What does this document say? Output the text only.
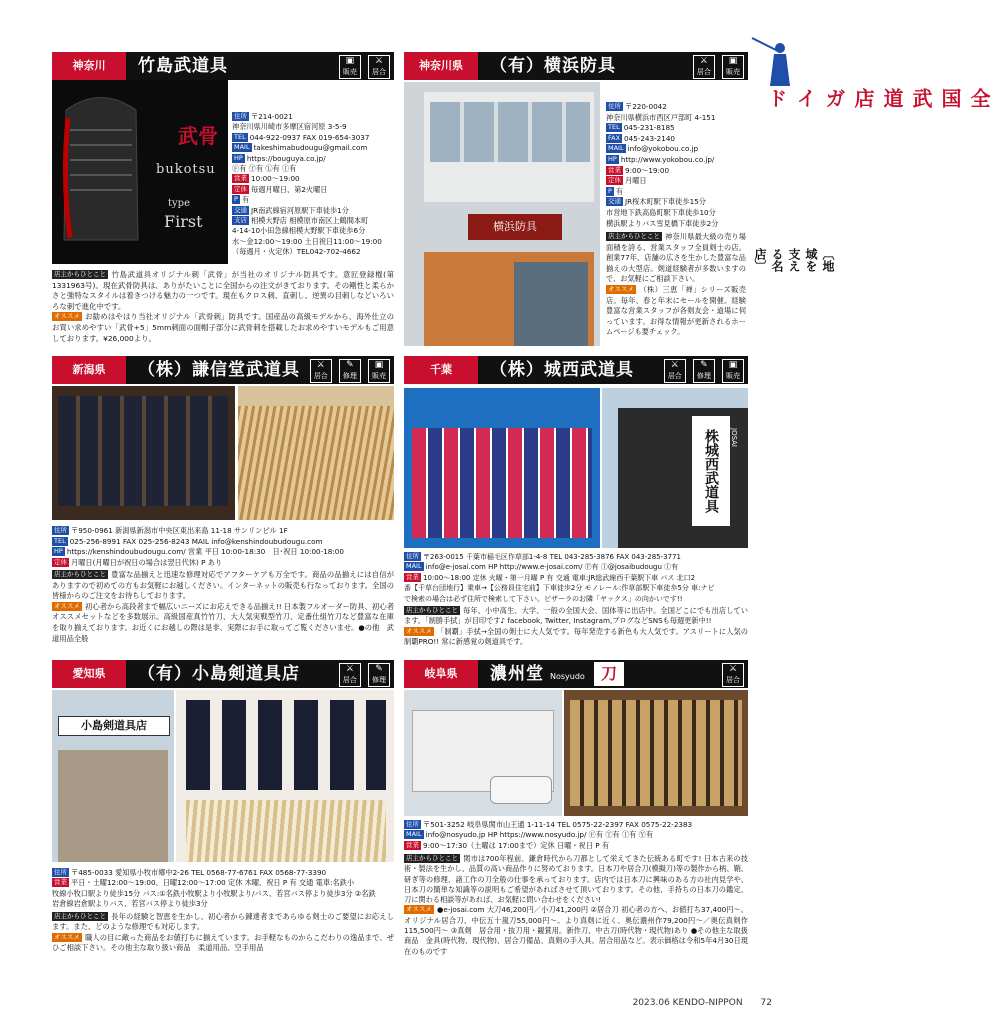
全国武道店ガイド
〔地域を支える名店〕
神奈川	竹島武道具	▣
販売
⚔
居合
武骨
bukotsu
type
First
住所 〒214-0021
神奈川県川崎市多摩区宿河原 3-5-9
TEL 044-922-0937 FAX 019-654-3037
MAIL takeshimabudougu@gmail.com
HP https://bouguya.co.jp/
Ⓕ有 Ⓣ有 Ⓛ有 Ⓘ有
営業 10:00〜19:00
定休 毎週月曜日、第2火曜日
P 有
交通 JR南武線宿河原駅下車徒歩1分
支店 相模大野店 相模原市南区上鶴間本町
4-14-10小田急線相模大野駅下車徒歩6分
水〜金12:00〜19:00 土日祝日11:00〜19:00
（毎週月・火定休）TEL042-702-4662
店主からひとこと 竹島武道具オリジナル刺「武骨」が当社のオリジナル防具です。意匠登録権(第1331963号)。現在武骨防具は、ありがたいことに全国からの注文がきております。その剛性と柔らかさと強特なスタイルは着きつける魅力の一つです。現在もクロス刺、直刺し、逆異の目刺しなどいろいろな刺で進化中です。
オススメ お勧めはやはり当社オリジナル「武骨刺」防具です。国産品の高級モデルから、海外仕立のお買い求めやすい「武骨+5」5mm刺面の面帽子部分に武骨刺を搭載したお求めやすいモデルもご用意しております。¥26,000より。
神奈川県	（有）横浜防具	⚔
居合
▣
販売
横浜防具
住所 〒220-0042
神奈川県横浜市西区戸部町 4-151
TEL 045-231-8185
FAX 045-243-2140
MAIL info@yokobou.co.jp
HP http://www.yokobou.co.jp/
営業 9:00〜19:00
定休 月曜日
P 有
交通 JR桜木町駅下車徒歩15分
市営地下鉄高島町駅下車徒歩10分
横浜駅よりバス雪見橋下車徒歩2分
店主からひとこと 神奈川県最大級の売り場面積を誇る、営業スタッフ全員剣士の店。創業77年、店舗の広さを生かした豊富な品揃えの大型店。剣道経験者が多数いますので、お気軽にご相談下さい。
オススメ （株）三恵「禅」シリーズ販売店。毎年、春と年末にセールを開催。経験豊富な営業スタッフが各剣友会・道場に伺っています。お得な情報が更新されるホームページも要チェック。
新潟県	（株）謙信堂武道具	⚔
居合
✎
修理
▣
販売
住所 〒950-0961 新潟県新潟市中央区東出来島 11-18 サンリンビル 1F
TEL 025-256-8991 FAX 025-256-8243 MAIL info@kenshindoubudougu.com
HP https://kenshindoubudougu.com/ 営業 平日 10:00-18:30　日･祝日 10:00-18:00
定休 月曜日(月曜日が祝日の場合は翌日代休) P あり
店主からひとこと 豊富な品揃えと迅速な修理対応でアフターケアも万全です。商品の品揃えには自信がありますので初めての方もお気軽にお越しください。インターネットの販売も行なっております。全国の皆様からのご注文をお待ちしております。
オススメ 初心者から高段者まで幅広いニーズにお応えできる品揃え!! 日本製フルオーダー防具、初心者オススメセットなどを多数展示。高級国産真竹竹刀、大人気実戦型竹刀、定番仕組竹刀など豊富な在庫を取り揃えております。お近くにお越しの際は是非、実際にお手に取ってご覧くださいませ。●の他　武道用品全般
千葉	（株）城西武道具	⚔
居合
✎
修理
▣
販売
株城西武道具	JOSAI
住所 〒263-0015 千葉市稲毛区作草部1-4-8 TEL 043-285-3876 FAX 043-285-3771
MAIL info@e-josai.com HP http://www.e-josai.com/ Ⓕ有 Ⓘ@josaibudougu Ⓘ有
営業 10:00〜18:00 定休 火曜・第一月曜 P 有 交通 電車:JR総武線西千葉駅下車 バス 北口2
番【千草台団地行】乗車→【公務員住宅前】下車徒歩2分 モノレール:作草部駅下車徒歩5分 車:ナビ
で検索の場合は必ず住所で検索して下さい。ピザーラのお隣「ヤックス」の向かいです!!
店主からひとこと 毎年、小中高生、大学、一般の全国大会、国体等に出店中。全国どこにでも出店しています。「制勝手拭」が目印です♪ facebook, Twitter, Instagram,ブログなどSNSも毎週更新中!!
オススメ 「制覇」手拭→全国の剣士に大人気です。毎年発売する新色も大人気です。アスリートに人気の制覇PRO!! 常に新感覚の剣道具です。
愛知県	（有）小島剣道具店	⚔
居合
✎
修理
小島剣道具店
住所 〒485-0033 愛知県小牧市郷中2-26 TEL 0568-77-6761 FAX 0568-77-3390
営業 平日・土曜12:00〜19:00、日曜12:00〜17:00 定休 木曜、祝日 P 有 交通 電車:名鉄小
牧線小牧口駅より徒歩15分 バス:①名鉄小牧駅より小牧駅より/バス、若宮バス停より徒歩3分 ②名鉄
岩倉線岩倉駅よりバス、若宮バス停より徒歩3分
店主からひとこと 長年の経験と智恵を生かし、初心者から錬達者まであらゆる剣士のご要望にお応えします。また、どのような修理でも対応します。
オススメ 職人の目に敵った商品をお値打ちに揃えています。お手軽なものからこだわりの逸品まで、ぜひご相談下さい。その他主な取り扱い商品　柔道用品、空手用品
岐阜県	濃州堂 Nosyudo	刀	⚔
居合
住所 〒501-3252 岐阜県関市山王通 1-11-14 TEL 0575-22-2397 FAX 0575-22-2383
MAIL info@nosyudo.jp HP https://www.nosyudo.jp/ Ⓕ有 Ⓣ有 Ⓘ有 Ⓨ有
営業 9:00〜17:30（土曜は 17:00まで）定休 日曜・祝日 P 有
店主からひとこと 関市は700年程前、鎌倉時代から刀都として栄えてきた伝統ある町です! 日本古来の技術・製法を生かし、品質の高い商品作りに努めております。日本刀や居合刀(模擬刀)等の製作から柄、鞘、研ぎ等の修理、諸工作の刀全般の仕事を承っております。店内では日本刀に興味のある方の社内見学や、日本刀の簡単な知識等の説明もご希望があればさせて頂いております。その他、手持ちの日本刀の鑑定、刀に関わる相談等があれば、お気軽に問い合わせをください!
オススメ ●e-josai.com 大刀46,200円／小刀41,200円 ②居合刀 初心者の方へ、お値打ち37,400円〜。オリジナル居合刀、中伝五十嵐刀55,000円〜。より真剣に近く、奥伝濃州作79,200円〜／奥伝真剣作 115,500円〜 ③真剣　居合用・抜刀用・観賞用。新作刀、中古刀(時代物・現代物)あり ●その他主な取扱商品　金具(時代物、現代物)、居合刀備品、真剣の手入具、居合用品など。表示価格は令和5年4月30日現在のものです
2023.06 KENDO-NIPPON 72
